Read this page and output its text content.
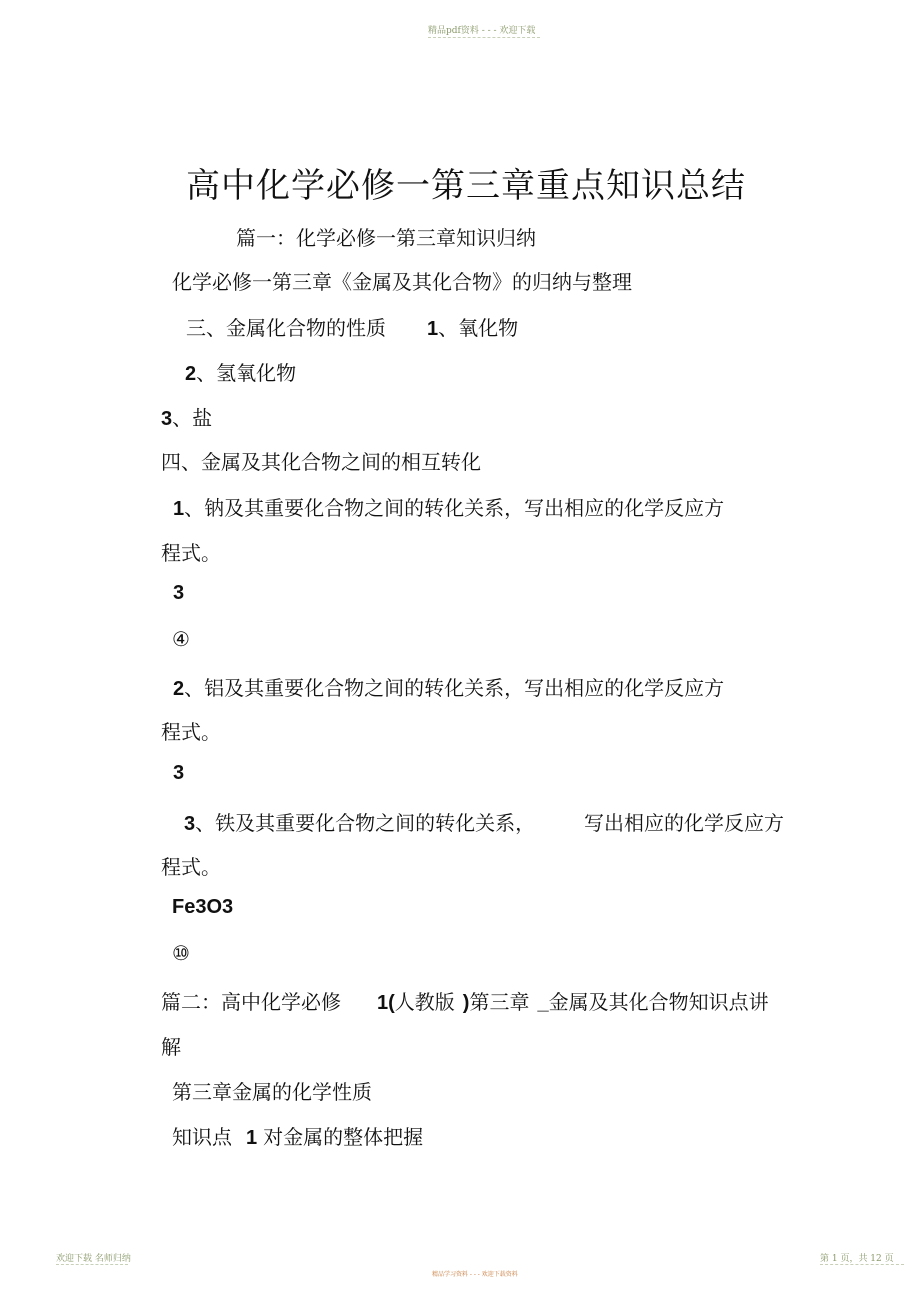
精品pdf资料 - - - 欢迎下载
高中化学必修一第三章重点知识总结
篇一：化学必修一第三章知识归纳
化学必修一第三章《金属及其化合物》的归纳与整理
三、金属化合物的性质 1、氧化物
2、氢氧化物
3、盐
四、金属及其化合物之间的相互转化
1、钠及其重要化合物之间的转化关系，写出相应的化学反应方
程式。
3
④
2、铝及其重要化合物之间的转化关系，写出相应的化学反应方
程式。
3
3、铁及其重要化合物之间的转化关系， 写出相应的化学反应方
程式。
Fe3O3
⑩
篇二：高中化学必修 1(人教版 )第三章 _金属及其化合物知识点讲
解
第三章金属的化学性质
知识点 1 对金属的整体把握
欢迎下载 名师归纳
精品学习资料 - - - 欢迎下载资料
第 1 页，共 12 页
